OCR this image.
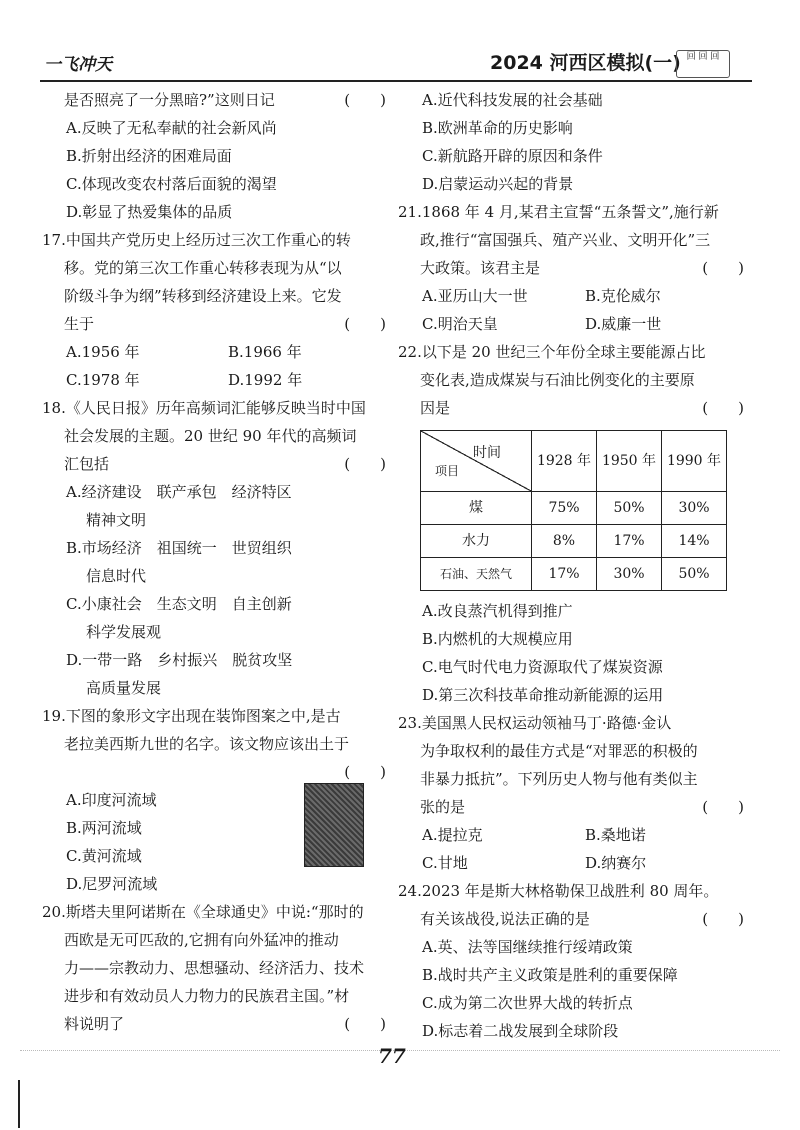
一飞冲天	2024 河西区模拟(一) 回 回 回
是否照亮了一分黑暗?”这则日记	(　　)
A.反映了无私奉献的社会新风尚
B.折射出经济的困难局面
C.体现改变农村落后面貌的渴望
D.彰显了热爱集体的品质
17.中国共产党历史上经历过三次工作重心的转
移。党的第三次工作重心转移表现为从“以
阶级斗争为纲”转移到经济建设上来。它发
生于	(　　)
A.1956 年	B.1966 年
C.1978 年	D.1992 年
18.《人民日报》历年高频词汇能够反映当时中国
社会发展的主题。20 世纪 90 年代的高频词
汇包括	(　　)
A.经济建设　联产承包　经济特区
精神文明
B.市场经济　祖国统一　世贸组织
信息时代
C.小康社会　生态文明　自主创新
科学发展观
D.一带一路　乡村振兴　脱贫攻坚
高质量发展
19.下图的象形文字出现在装饰图案之中,是古
老拉美西斯九世的名字。该文物应该出土于
(　　)
A.印度河流域
B.两河流域
C.黄河流域
D.尼罗河流域
20.斯塔夫里阿诺斯在《全球通史》中说:“那时的
西欧是无可匹敌的,它拥有向外猛冲的推动
力——宗教动力、思想骚动、经济活力、技术
进步和有效动员人力物力的民族君主国。”材
料说明了	(　　)
A.近代科技发展的社会基础
B.欧洲革命的历史影响
C.新航路开辟的原因和条件
D.启蒙运动兴起的背景
21.1868 年 4 月,某君主宣誓“五条誓文”,施行新
政,推行“富国强兵、殖产兴业、文明开化”三
大政策。该君主是	(　　)
A.亚历山大一世	B.克伦威尔
C.明治天皇	D.威廉一世
22.以下是 20 世纪三个年份全球主要能源占比
变化表,造成煤炭与石油比例变化的主要原
因是	(　　)
时间
项目	1928 年	1950 年	1990 年
煤	75%	50%	30%
水力	8%	17%	14%
石油、天然气	17%	30%	50%
A.改良蒸汽机得到推广
B.内燃机的大规模应用
C.电气时代电力资源取代了煤炭资源
D.第三次科技革命推动新能源的运用
23.美国黑人民权运动领袖马丁·路德·金认
为争取权利的最佳方式是“对罪恶的积极的
非暴力抵抗”。下列历史人物与他有类似主
张的是	(　　)
A.提拉克	B.桑地诺
C.甘地	D.纳赛尔
24.2023 年是斯大林格勒保卫战胜利 80 周年。
有关该战役,说法正确的是	(　　)
A.英、法等国继续推行绥靖政策
B.战时共产主义政策是胜利的重要保障
C.成为第二次世界大战的转折点
D.标志着二战发展到全球阶段
77
